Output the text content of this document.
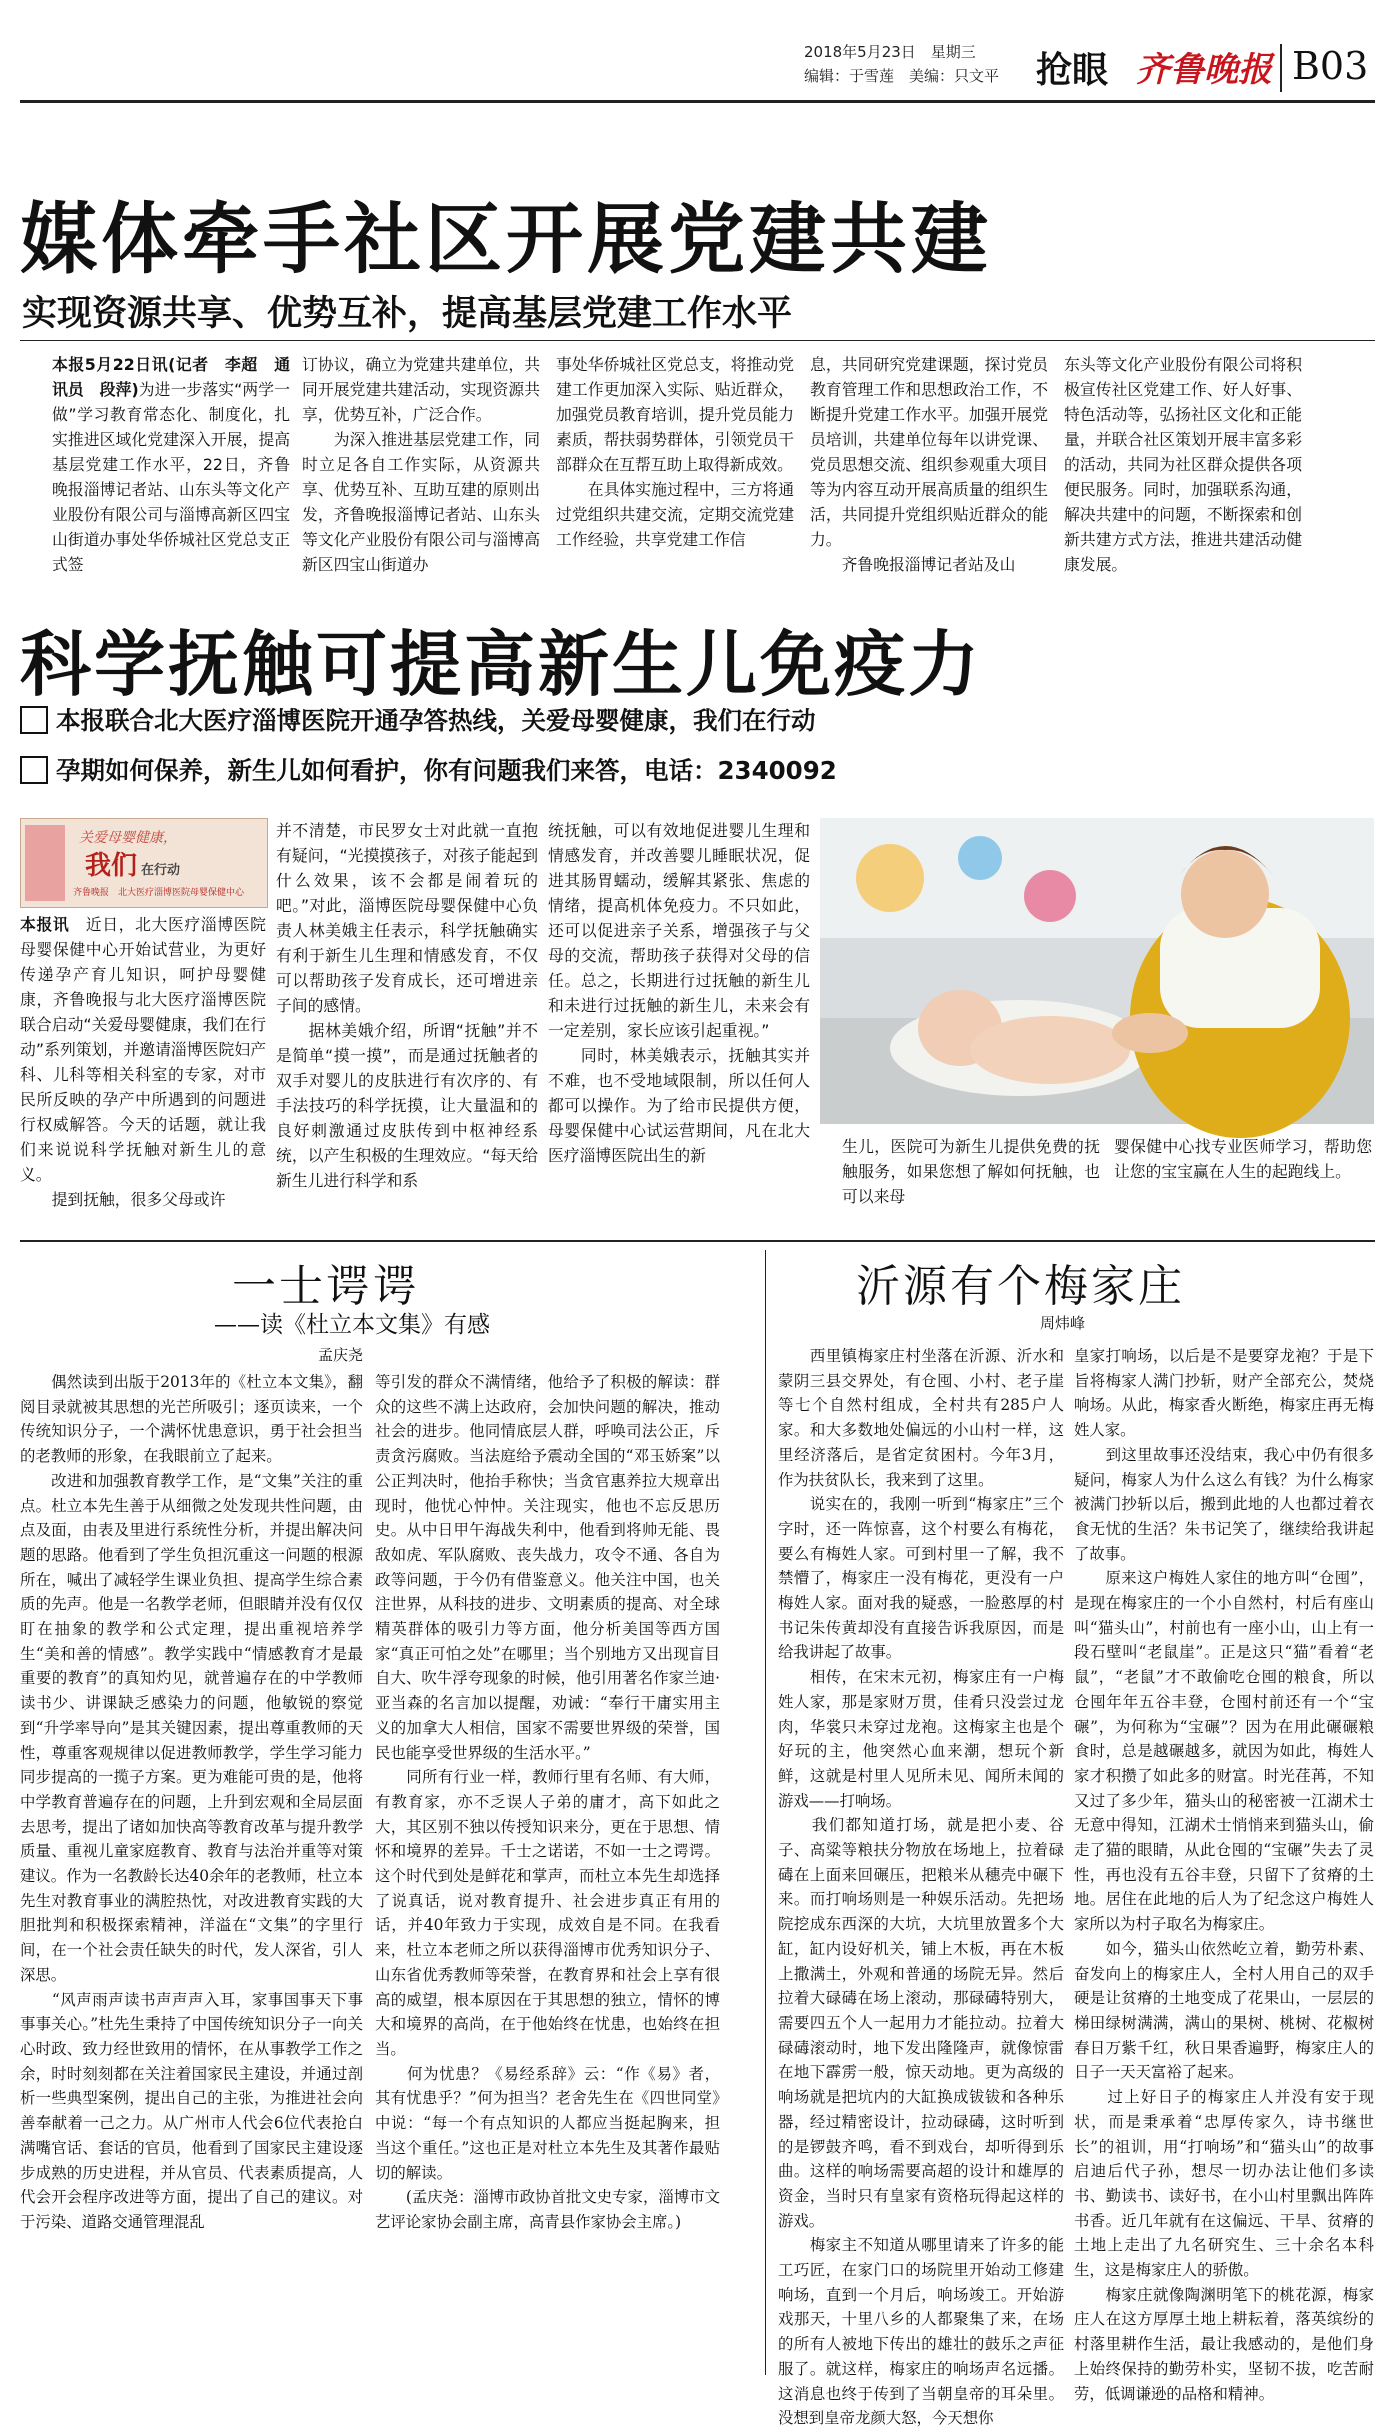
2018年5月23日　星期三
编辑：于雪莲　美编：只文平	抢眼 齐鲁晚报 B03
媒体牵手社区开展党建共建
实现资源共享、优势互补，提高基层党建工作水平
本报5月22日讯(记者　李超　通讯员　段萍)为进一步落实“两学一做”学习教育常态化、制度化，扎实推进区域化党建深入开展，提高基层党建工作水平，22日，齐鲁晚报淄博记者站、山东头等文化产业股份有限公司与淄博高新区四宝山街道办事处华侨城社区党总支正式签
订协议，确立为党建共建单位，共同开展党建共建活动，实现资源共享，优势互补，广泛合作。
　　为深入推进基层党建工作，同时立足各自工作实际，从资源共享、优势互补、互助互建的原则出发，齐鲁晚报淄博记者站、山东头等文化产业股份有限公司与淄博高新区四宝山街道办
事处华侨城社区党总支，将推动党建工作更加深入实际、贴近群众，加强党员教育培训，提升党员能力素质，帮扶弱势群体，引领党员干部群众在互帮互助上取得新成效。
　　在具体实施过程中，三方将通过党组织共建交流，定期交流党建工作经验，共享党建工作信
息，共同研究党建课题，探讨党员教育管理工作和思想政治工作，不断提升党建工作水平。加强开展党员培训，共建单位每年以讲党课、党员思想交流、组织参观重大项目等为内容互动开展高质量的组织生活，共同提升党组织贴近群众的能力。
　　齐鲁晚报淄博记者站及山
东头等文化产业股份有限公司将积极宣传社区党建工作、好人好事、特色活动等，弘扬社区文化和正能量，并联合社区策划开展丰富多彩的活动，共同为社区群众提供各项便民服务。同时，加强联系沟通，解决共建中的问题，不断探索和创新共建方式方法，推进共建活动健康发展。
科学抚触可提高新生儿免疫力
本报联合北大医疗淄博医院开通孕答热线，关爱母婴健康，我们在行动
孕期如何保养，新生儿如何看护，你有问题我们来答，电话：2340092
关爱母婴健康，
我们 在行动
齐鲁晚报　北大医疗淄博医院母婴保健中心
本报讯　 近日，北大医疗淄博医院母婴保健中心开始试营业，为更好传递孕产育儿知识，呵护母婴健康，齐鲁晚报与北大医疗淄博医院联合启动“关爱母婴健康，我们在行动”系列策划，并邀请淄博医院妇产科、儿科等相关科室的专家，对市民所反映的孕产中所遇到的问题进行权威解答。今天的话题，就让我们来说说科学抚触对新生儿的意义。
　　提到抚触，很多父母或许
并不清楚，市民罗女士对此就一直抱有疑问，“光摸摸孩子，对孩子能起到什么效果，该不会都是闹着玩的吧。”对此，淄博医院母婴保健中心负责人林美娥主任表示，科学抚触确实有利于新生儿生理和情感发育，不仅可以帮助孩子发育成长，还可增进亲子间的感情。
　　据林美娥介绍，所谓“抚触”并不是简单“摸一摸”，而是通过抚触者的双手对婴儿的皮肤进行有次序的、有手法技巧的科学抚摸，让大量温和的良好刺激通过皮肤传到中枢神经系统，以产生积极的生理效应。“每天给新生儿进行科学和系
统抚触，可以有效地促进婴儿生理和情感发育，并改善婴儿睡眠状况，促进其肠胃蠕动，缓解其紧张、焦虑的情绪，提高机体免疫力。不只如此，还可以促进亲子关系，增强孩子与父母的交流，帮助孩子获得对父母的信任。总之，长期进行过抚触的新生儿和未进行过抚触的新生儿，未来会有一定差别，家长应该引起重视。”
　　同时，林美娥表示，抚触其实并不难，也不受地域限制，所以任何人都可以操作。为了给市民提供方便，母婴保健中心试运营期间，凡在北大医疗淄博医院出生的新	生儿，医院可为新生儿提供免费的抚触服务，如果您想了解如何抚触，也可以来母
婴保健中心找专业医师学习，帮助您让您的宝宝赢在人生的起跑线上。
一士谔谔
——读《杜立本文集》有感
孟庆尧
　　偶然读到出版于2013年的《杜立本文集》，翻阅目录就被其思想的光芒所吸引；逐页读来，一个传统知识分子，一个满怀忧患意识，勇于社会担当的老教师的形象，在我眼前立了起来。
　　改进和加强教育教学工作，是“文集”关注的重点。杜立本先生善于从细微之处发现共性问题，由点及面，由表及里进行系统性分析，并提出解决问题的思路。他看到了学生负担沉重这一问题的根源所在，喊出了减轻学生课业负担、提高学生综合素质的先声。他是一名教学老师，但眼睛并没有仅仅盯在抽象的教学和公式定理，提出重视培养学生“美和善的情感”。教学实践中“情感教育才是最重要的教育”的真知灼见，就普遍存在的中学教师读书少、讲课缺乏感染力的问题，他敏锐的察觉到“升学率导向”是其关键因素，提出尊重教师的天性，尊重客观规律以促进教师教学，学生学习能力同步提高的一揽子方案。更为难能可贵的是，他将中学教育普遍存在的问题，上升到宏观和全局层面去思考，提出了诸如加快高等教育改革与提升教学质量、重视儿童家庭教育、教育与法治并重等对策建议。作为一名教龄长达40余年的老教师，杜立本先生对教育事业的满腔热忱，对改进教育实践的大胆批判和积极探索精神，洋溢在“文集”的字里行间，在一个社会责任缺失的时代，发人深省，引人深思。
　　“风声雨声读书声声声入耳，家事国事天下事事事关心。”杜先生秉持了中国传统知识分子一向关心时政、致力经世致用的情怀，在从事教学工作之余，时时刻刻都在关注着国家民主建设，并通过剖析一些典型案例，提出自己的主张，为推进社会向善奉献着一己之力。从广州市人代会6位代表抢白满嘴官话、套话的官员，他看到了国家民主建设逐步成熟的历史进程，并从官员、代表素质提高，人代会开会程序改进等方面，提出了自己的建议。对于污染、道路交通管理混乱
等引发的群众不满情绪，他给予了积极的解读：群众的这些不满上达政府，会加快问题的解决，推动社会的进步。他同情底层人群，呼唤司法公正，斥责贪污腐败。当法庭给予震动全国的“邓玉娇案”以公正判决时，他抬手称快；当贪官惠养拉大规章出现时，他忧心忡忡。关注现实，他也不忘反思历史。从中日甲午海战失利中，他看到将帅无能、畏敌如虎、军队腐败、丧失战力，攻令不通、各自为政等问题，于今仍有借鉴意义。他关注中国，也关注世界，从科技的进步、文明素质的提高、对全球精英群体的吸引力等方面，他分析美国等西方国家“真正可怕之处”在哪里；当个别地方又出现盲目自大、吹牛浮夸现象的时候，他引用著名作家兰迪·亚当森的名言加以提醒，劝诫：“奉行干庸实用主义的加拿大人相信，国家不需要世界级的荣誉，国民也能享受世界级的生活水平。”
　　同所有行业一样，教师行里有名师、有大师，有教育家，亦不乏误人子弟的庸才，高下如此之大，其区别不独以传授知识来分，更在于思想、情怀和境界的差异。千士之诺诺，不如一士之谔谔。这个时代到处是鲜花和掌声，而杜立本先生却选择了说真话，说对教育提升、社会进步真正有用的话，并40年致力于实现，成效自是不同。在我看来，杜立本老师之所以获得淄博市优秀知识分子、山东省优秀教师等荣誉，在教育界和社会上享有很高的威望，根本原因在于其思想的独立，情怀的博大和境界的高尚，在于他始终在忧患，也始终在担当。
　　何为忧患？《易经系辞》云：“作《易》者，其有忧患乎？”何为担当？老舍先生在《四世同堂》中说：“每一个有点知识的人都应当挺起胸来，担当这个重任。”这也正是对杜立本先生及其著作最贴切的解读。
　　(孟庆尧：淄博市政协首批文史专家，淄博市文艺评论家协会副主席，高青县作家协会主席。)
沂源有个梅家庄
周炜峰
　　西里镇梅家庄村坐落在沂源、沂水和蒙阴三县交界处，有仓囤、小村、老子崖等七个自然村组成，全村共有285户人家。和大多数地处偏远的小山村一样，这里经济落后，是省定贫困村。今年3月，作为扶贫队长，我来到了这里。
　　说实在的，我刚一听到“梅家庄”三个字时，还一阵惊喜，这个村要么有梅花，要么有梅姓人家。可到村里一了解，我不禁懵了，梅家庄一没有梅花，更没有一户梅姓人家。面对我的疑惑，一脸憨厚的村书记朱传黄却没有直接告诉我原因，而是给我讲起了故事。
　　相传，在宋末元初，梅家庄有一户梅姓人家，那是家财万贯，佳肴只没尝过龙肉，华裳只未穿过龙袍。这梅家主也是个好玩的主，他突然心血来潮，想玩个新鲜，这就是村里人见所未见、闻所未闻的游戏——打响场。
　　我们都知道打场，就是把小麦、谷子、高粱等粮扶分物放在场地上，拉着碌碡在上面来回碾压，把粮米从穗壳中碾下来。而打响场则是一种娱乐活动。先把场院挖成东西深的大坑，大坑里放置多个大缸，缸内设好机关，铺上木板，再在木板上撒满土，外观和普通的场院无异。然后拉着大碌碡在场上滚动，那碌碡特别大，需要四五个人一起用力才能拉动。拉着大碌碡滚动时，地下发出隆隆声，就像惊雷在地下霹雳一般，惊天动地。更为高级的响场就是把坑内的大缸换成钹钹和各种乐器，经过精密设计，拉动碌碡，这时听到的是锣鼓齐鸣，看不到戏台，却听得到乐曲。这样的响场需要高超的设计和雄厚的资金，当时只有皇家有资格玩得起这样的游戏。
　　梅家主不知道从哪里请来了许多的能工巧匠，在家门口的场院里开始动工修建响场，直到一个月后，响场竣工。开始游戏那天，十里八乡的人都聚集了来，在场的所有人被地下传出的雄壮的鼓乐之声征服了。就这样，梅家庄的响场声名远播。这消息也终于传到了当朝皇帝的耳朵里。没想到皇帝龙颜大怒，今天想你
皇家打响场，以后是不是要穿龙袍？于是下旨将梅家人满门抄斩，财产全部充公，焚烧响场。从此，梅家香火断绝，梅家庄再无梅姓人家。
　　到这里故事还没结束，我心中仍有很多疑问，梅家人为什么这么有钱？为什么梅家被满门抄斩以后，搬到此地的人也都过着衣食无忧的生活？朱书记笑了，继续给我讲起了故事。
　　原来这户梅姓人家住的地方叫“仓囤”，是现在梅家庄的一个小自然村，村后有座山叫“猫头山”，村前也有一座小山，山上有一段石壁叫“老鼠崖”。正是这只“猫”看着“老鼠”，“老鼠”才不敢偷吃仓囤的粮食，所以仓囤年年五谷丰登，仓囤村前还有一个“宝碾”，为何称为“宝碾”？因为在用此碾碾粮食时，总是越碾越多，就因为如此，梅姓人家才积攒了如此多的财富。时光荏苒，不知又过了多少年，猫头山的秘密被一江湖术士无意中得知，江湖术士悄悄来到猫头山，偷走了猫的眼睛，从此仓囤的“宝碾”失去了灵性，再也没有五谷丰登，只留下了贫瘠的土地。居住在此地的后人为了纪念这户梅姓人家所以为村子取名为梅家庄。
　　如今，猫头山依然屹立着，勤劳朴素、奋发向上的梅家庄人，全村人用自己的双手硬是让贫瘠的土地变成了花果山，一层层的梯田绿树满满，满山的果树、桃树、花椒树春日万紫千红，秋日果香遍野，梅家庄人的日子一天天富裕了起来。
　　过上好日子的梅家庄人并没有安于现状，而是秉承着“忠厚传家久，诗书继世长”的祖训，用“打响场”和“猫头山”的故事启迪后代子孙，想尽一切办法让他们多读书、勤读书、读好书，在小山村里飘出阵阵书香。近几年就有在这偏远、干旱、贫瘠的土地上走出了九名研究生、三十余名本科生，这是梅家庄人的骄傲。
　　梅家庄就像陶渊明笔下的桃花源，梅家庄人在这方厚厚土地上耕耘着，落英缤纷的村落里耕作生活，最让我感动的，是他们身上始终保持的勤劳朴实，坚韧不拔，吃苦耐劳，低调谦逊的品格和精神。
